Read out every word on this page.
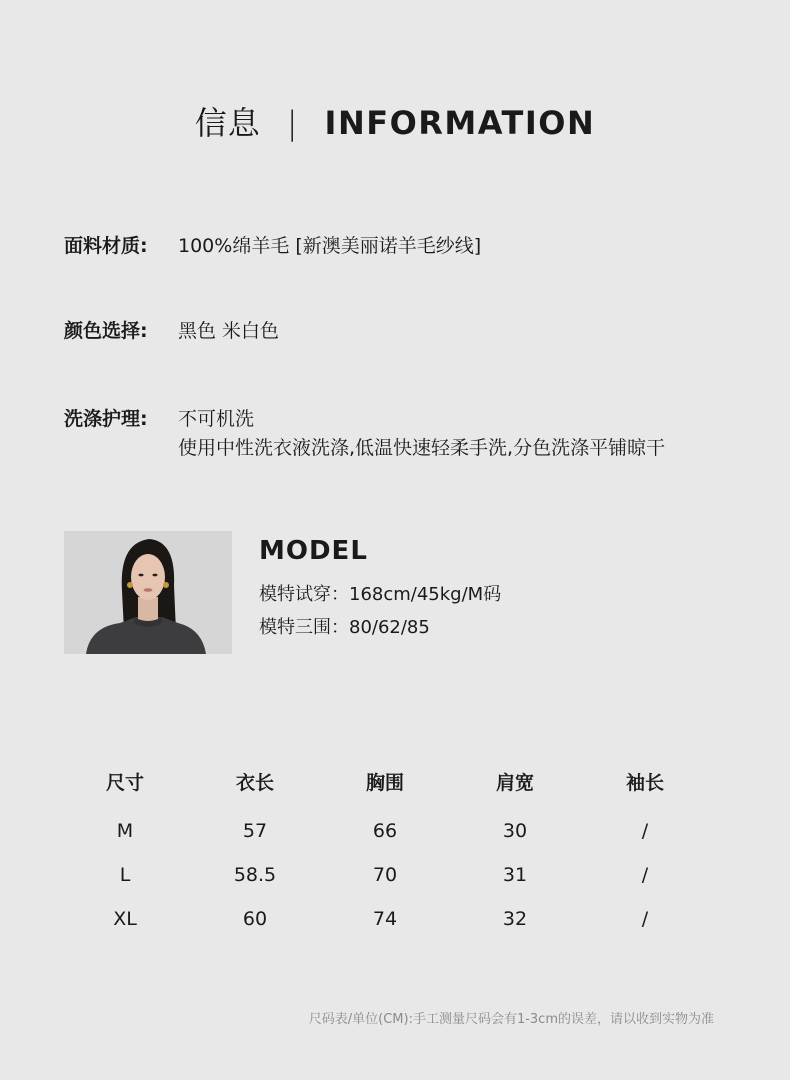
信息 | INFORMATION
面料材质: 100%绵羊毛 [新澳美丽诺羊毛纱线]
颜色选择: 黑色 米白色
洗涤护理: 不可机洗
使用中性洗衣液洗涤,低温快速轻柔手洗,分色洗涤平铺晾干
MODEL
模特试穿：168cm/45kg/M码
模特三围：80/62/85
尺寸	衣长	胸围	肩宽	袖长
M	57	66	30	/
L	58.5	70	31	/
XL	60	74	32	/
尺码表/单位(CM):手工测量尺码会有1-3cm的误差，请以收到实物为准
